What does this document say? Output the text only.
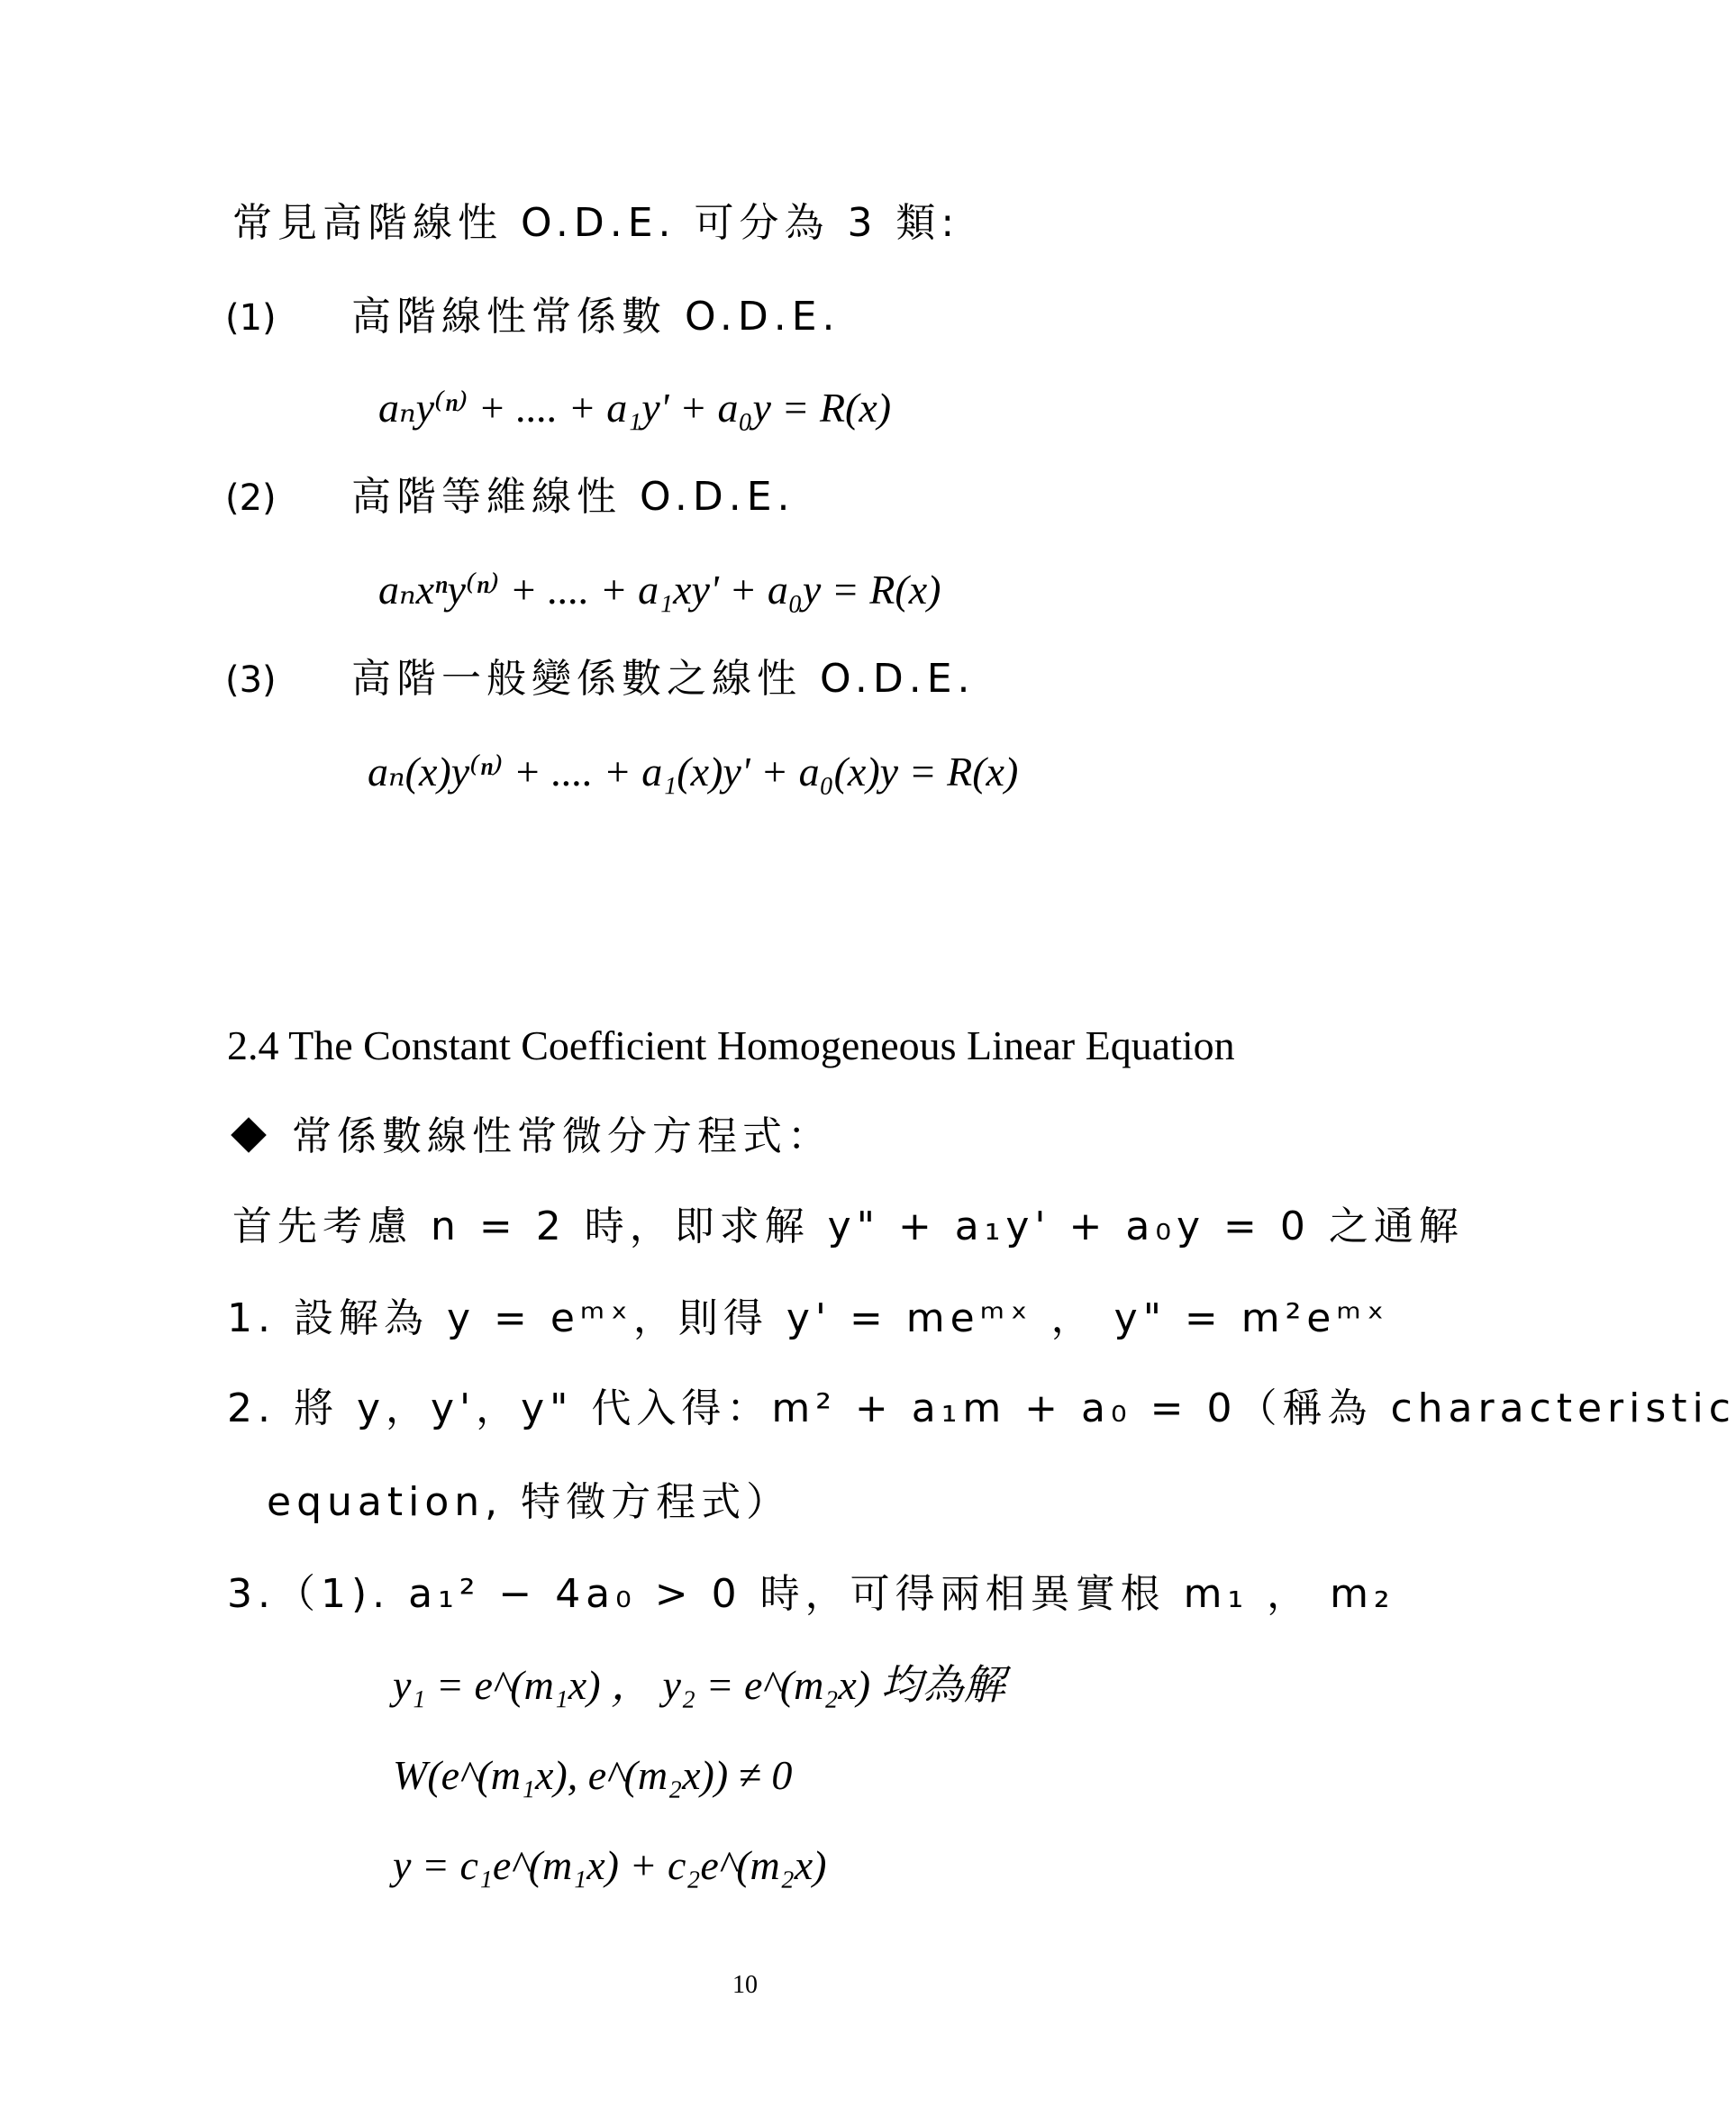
常見高階線性 O.D.E. 可分為 3 類:
(1) 高階線性常係數 O.D.E.
aₙy⁽ⁿ⁾ + .... + a₁y' + a₀y = R(x)
(2) 高階等維線性 O.D.E.
aₙxⁿy⁽ⁿ⁾ + .... + a₁xy' + a₀y = R(x)
(3) 高階一般變係數之線性 O.D.E.
aₙ(x)y⁽ⁿ⁾ + .... + a₁(x)y' + a₀(x)y = R(x)
2.4 The Constant Coefficient Homogeneous Linear Equation
常係數線性常微分方程式：
首先考慮 n = 2 時，即求解 y" + a₁y' + a₀y = 0 之通解
1. 設解為 y = eᵐˣ，則得 y' = meᵐˣ ， y" = m²eᵐˣ
2. 將 y，y'，y" 代入得：m² + a₁m + a₀ = 0（稱為 characteristic
equation, 特徵方程式）
3.（1). a₁² − 4a₀ > 0 時，可得兩相異實根 m₁ ， m₂
y₁ = e^(m₁x) ， y₂ = e^(m₂x) 均為解
W(e^(m₁x), e^(m₂x)) ≠ 0
y = c₁e^(m₁x) + c₂e^(m₂x)
10
